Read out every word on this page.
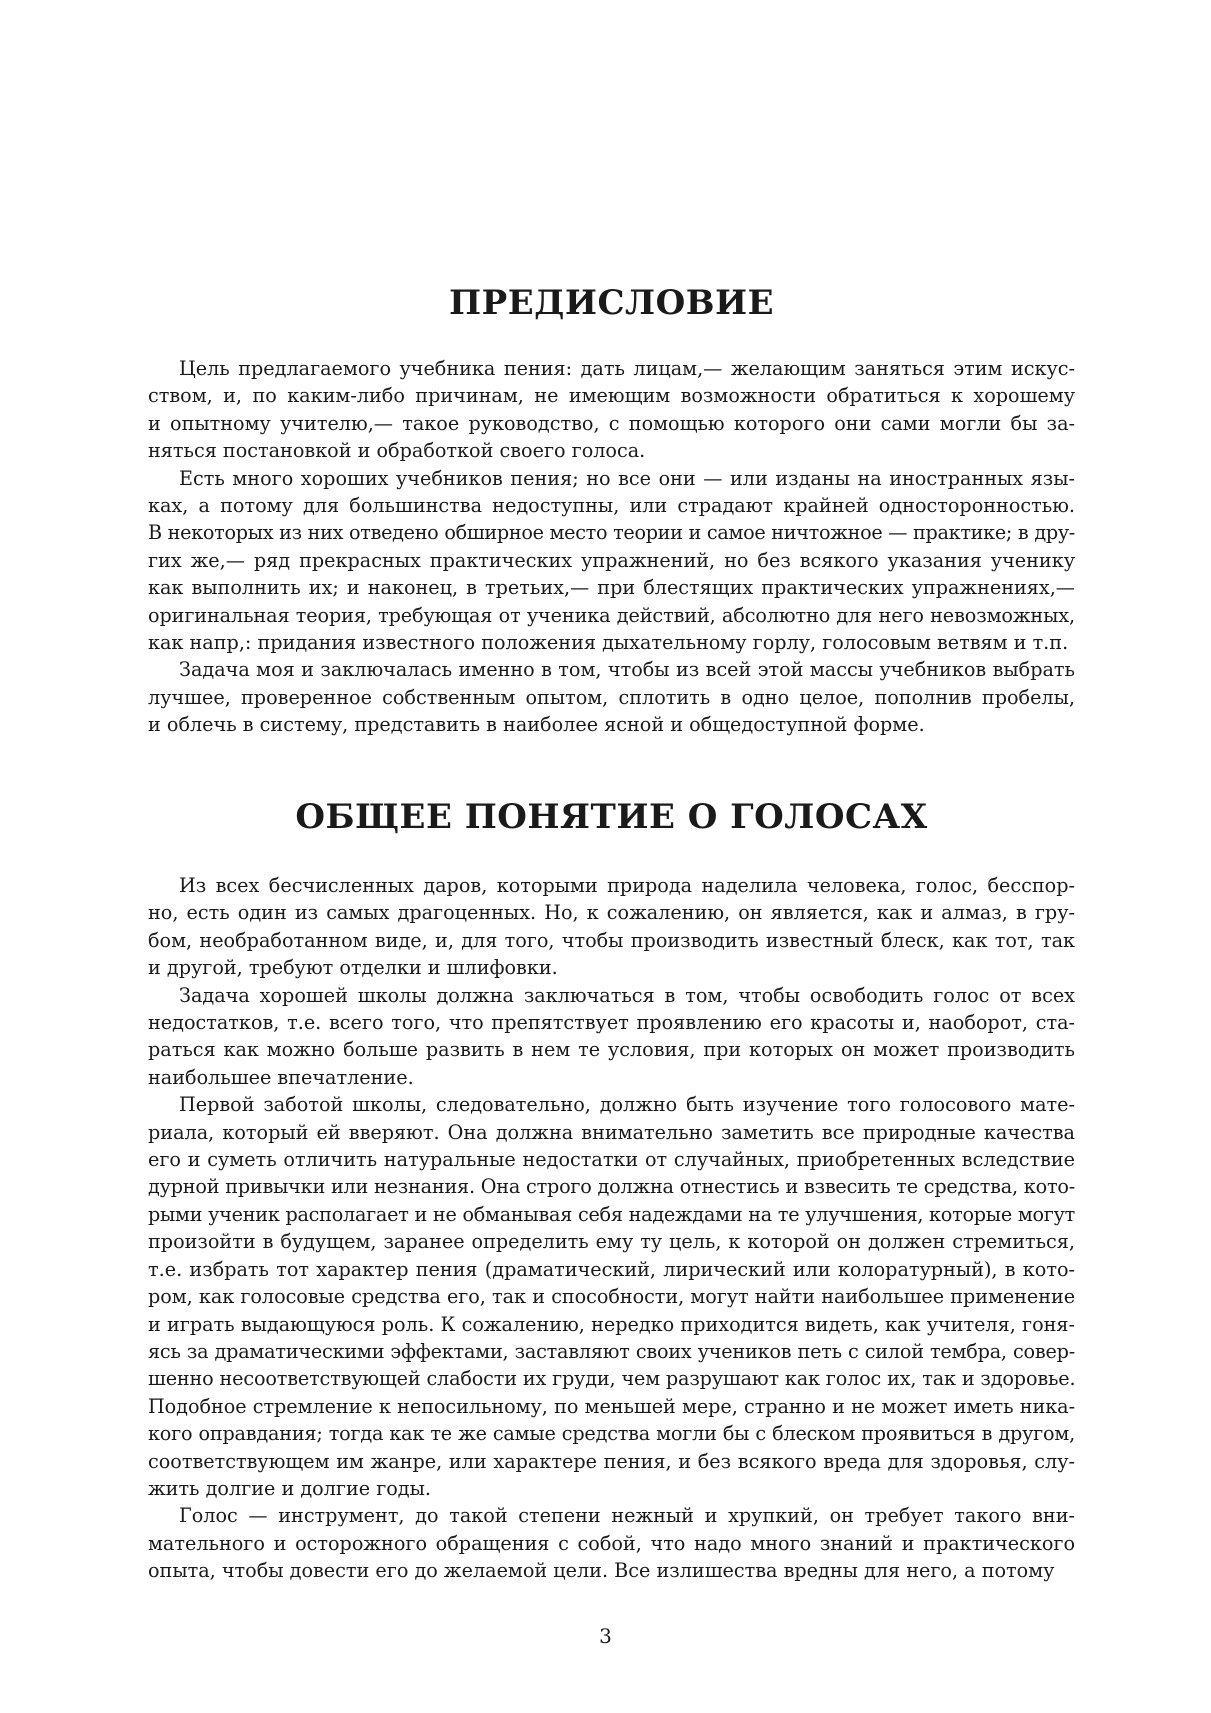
ПРЕДИСЛОВИЕ

Цель предлагаемого учебника пения: дать лицам,— желающим заняться этим искус-
ством, и, по каким-либо причинам, не имеющим возможности обратиться к хорошему
и опытному учителю,— такое руководство, с помощью которого они сами могли бы за-
няться постановкой и обработкой своего голоса.

Есть много хороших учебников пения; но все они — или изданы на иностранных язы-
ках, а потому для большинства недоступны, или страдают крайней односторонностью.
В некоторых из них отведено обширное место теории и самое ничтожное — практике; в дру-
гих же,— ряд прекрасных практических упражнений, но без всякого указания ученику
как выполнить их; и наконец, в третьих,— при блестящих практических упражнениях,—
оригинальная теория, требующая от ученика действий, абсолютно для него невозможных,
как напр,: придания известного положения дыхательному горлу, голосовым ветвям и т.п.

Задача моя и заключалась именно в том, чтобы из всей этой массы учебников выбрать
лучшее, проверенное собственным опытом, сплотить в одно целое, пополнив пробелы,
и облечь в систему, представить в наиболее ясной и общедоступной форме.

ОБЩЕЕ ПОНЯТИЕ О ГОЛОСАХ

Из всех бесчисленных даров, которыми природа наделила человека, голос, бесспор-
но, есть один из самых драгоценных. Но, к сожалению, он является, как и алмаз, в гру-
бом, необработанном виде, и, для того, чтобы производить известный блеск, как тот, так
и другой, требуют отделки и шлифовки.

Задача хорошей школы должна заключаться в том, чтобы освободить голос от всех
недостатков, т.е. всего того, что препятствует проявлению его красоты и, наоборот, ста-
раться как можно больше развить в нем те условия, при которых он может производить
наибольшее впечатление.

Первой заботой школы, следовательно, должно быть изучение того голосового мате-
риала, который ей вверяют. Она должна внимательно заметить все природные качества
его и суметь отличить натуральные недостатки от случайных, приобретенных вследствие
дурной привычки или незнания. Она строго должна отнестись и взвесить те средства, кото-
рыми ученик располагает и не обманывая себя надеждами на те улучшения, которые могут
произойти в будущем, заранее определить ему ту цель, к которой он должен стремиться,
т.е. избрать тот характер пения (драматический, лирический или колоратурный), в кото-
ром, как голосовые средства его, так и способности, могут найти наибольшее применение
и играть выдающуюся роль. К сожалению, нередко приходится видеть, как учителя, гоня-
ясь за драматическими эффектами, заставляют своих учеников петь с силой тембра, совер-
шенно несоответствующей слабости их груди, чем разрушают как голос их, так и здоровье.
Подобное стремление к непосильному, по меньшей мере, странно и не может иметь ника-
кого оправдания; тогда как те же самые средства могли бы с блеском проявиться в другом,
соответствующем им жанре, или характере пения, и без всякого вреда для здоровья, слу-
жить долгие и долгие годы.

Голос — инструмент, до такой степени нежный и хрупкий, он требует такого вни-
мательного и осторожного обращения с собой, что надо много знаний и практического
опыта, чтобы довести его до желаемой цели. Все излишества вредны для него, а потому

3
